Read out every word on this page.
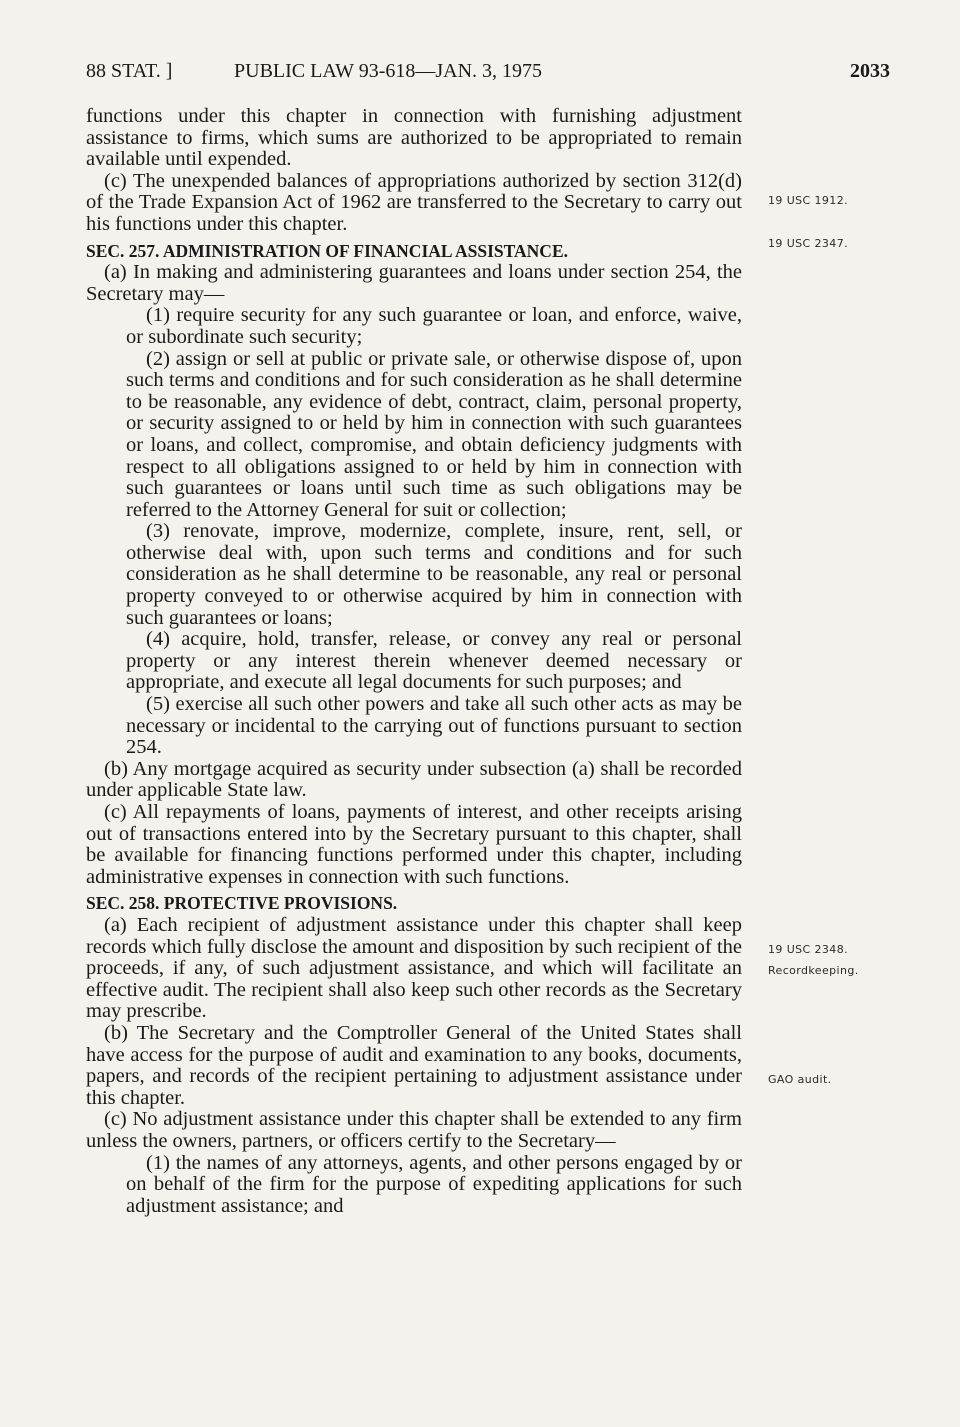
88 STAT. ]	PUBLIC LAW 93-618—JAN. 3, 1975	2033

functions under this chapter in connection with furnishing adjustment assistance to firms, which sums are authorized to be appropriated to remain available until expended.

(c) The unexpended balances of appropriations authorized by section 312(d) of the Trade Expansion Act of 1962 are transferred to the Secretary to carry out his functions under this chapter.

SEC. 257. ADMINISTRATION OF FINANCIAL ASSISTANCE.

(a) In making and administering guarantees and loans under section 254, the Secretary may—

(1) require security for any such guarantee or loan, and enforce, waive, or subordinate such security;

(2) assign or sell at public or private sale, or otherwise dispose of, upon such terms and conditions and for such consideration as he shall determine to be reasonable, any evidence of debt, contract, claim, personal property, or security assigned to or held by him in connection with such guarantees or loans, and collect, compromise, and obtain deficiency judgments with respect to all obligations assigned to or held by him in connection with such guarantees or loans until such time as such obligations may be referred to the Attorney General for suit or collection;

(3) renovate, improve, modernize, complete, insure, rent, sell, or otherwise deal with, upon such terms and conditions and for such consideration as he shall determine to be reasonable, any real or personal property conveyed to or otherwise acquired by him in connection with such guarantees or loans;

(4) acquire, hold, transfer, release, or convey any real or personal property or any interest therein whenever deemed necessary or appropriate, and execute all legal documents for such purposes; and

(5) exercise all such other powers and take all such other acts as may be necessary or incidental to the carrying out of functions pursuant to section 254.

(b) Any mortgage acquired as security under subsection (a) shall be recorded under applicable State law.

(c) All repayments of loans, payments of interest, and other receipts arising out of transactions entered into by the Secretary pursuant to this chapter, shall be available for financing functions performed under this chapter, including administrative expenses in connection with such functions.

SEC. 258. PROTECTIVE PROVISIONS.

(a) Each recipient of adjustment assistance under this chapter shall keep records which fully disclose the amount and disposition by such recipient of the proceeds, if any, of such adjustment assistance, and which will facilitate an effective audit. The recipient shall also keep such other records as the Secretary may prescribe.

(b) The Secretary and the Comptroller General of the United States shall have access for the purpose of audit and examination to any books, documents, papers, and records of the recipient pertaining to adjustment assistance under this chapter.

(c) No adjustment assistance under this chapter shall be extended to any firm unless the owners, partners, or officers certify to the Secretary—

(1) the names of any attorneys, agents, and other persons engaged by or on behalf of the firm for the purpose of expediting applications for such adjustment assistance; and

19 USC 1912.
19 USC 2347.
19 USC 2348.
Recordkeeping.
GAO audit.
